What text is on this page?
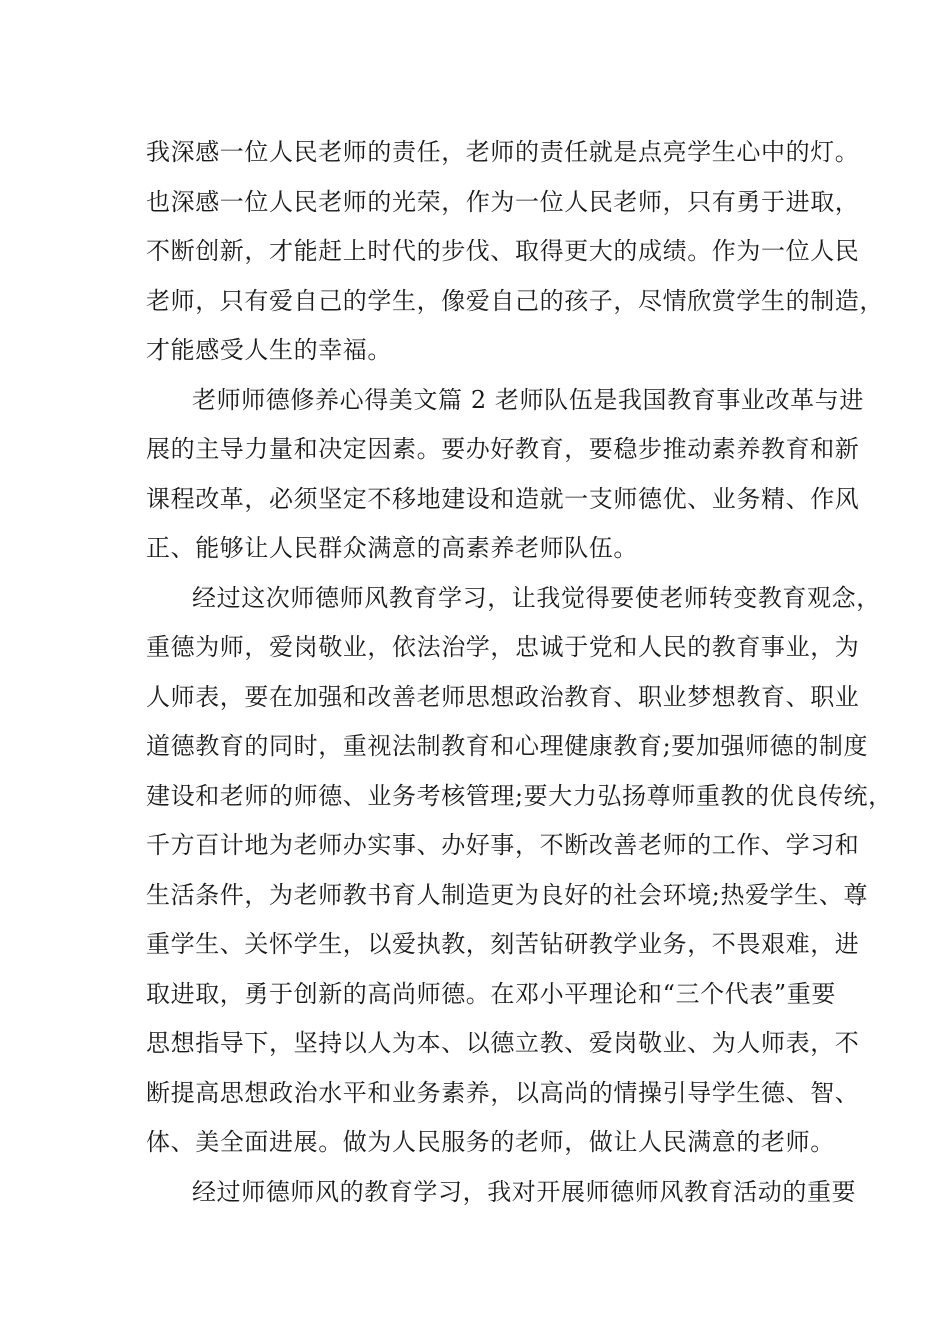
我深感一位人民老师的责任，老师的责任就是点亮学生心中的灯。
也深感一位人民老师的光荣，作为一位人民老师，只有勇于进取，
不断创新，才能赶上时代的步伐、取得更大的成绩。作为一位人民
老师，只有爱自己的学生，像爱自己的孩子，尽情欣赏学生的制造，
才能感受人生的幸福。
老师师德修养心得美文篇 2 老师队伍是我国教育事业改革与进
展的主导力量和决定因素。要办好教育，要稳步推动素养教育和新
课程改革，必须坚定不移地建设和造就一支师德优、业务精、作风
正、能够让人民群众满意的高素养老师队伍。
经过这次师德师风教育学习，让我觉得要使老师转变教育观念，
重德为师，爱岗敬业，依法治学，忠诚于党和人民的教育事业，为
人师表，要在加强和改善老师思想政治教育、职业梦想教育、职业
道德教育的同时，重视法制教育和心理健康教育;要加强师德的制度
建设和老师的师德、业务考核管理;要大力弘扬尊师重教的优良传统，
千方百计地为老师办实事、办好事，不断改善老师的工作、学习和
生活条件，为老师教书育人制造更为良好的社会环境;热爱学生、尊
重学生、关怀学生，以爱执教，刻苦钻研教学业务，不畏艰难，进
取进取，勇于创新的高尚师德。在邓小平理论和“三个代表”重要
思想指导下，坚持以人为本、以德立教、爱岗敬业、为人师表，不
断提高思想政治水平和业务素养，以高尚的情操引导学生德、智、
体、美全面进展。做为人民服务的老师，做让人民满意的老师。
经过师德师风的教育学习，我对开展师德师风教育活动的重要
